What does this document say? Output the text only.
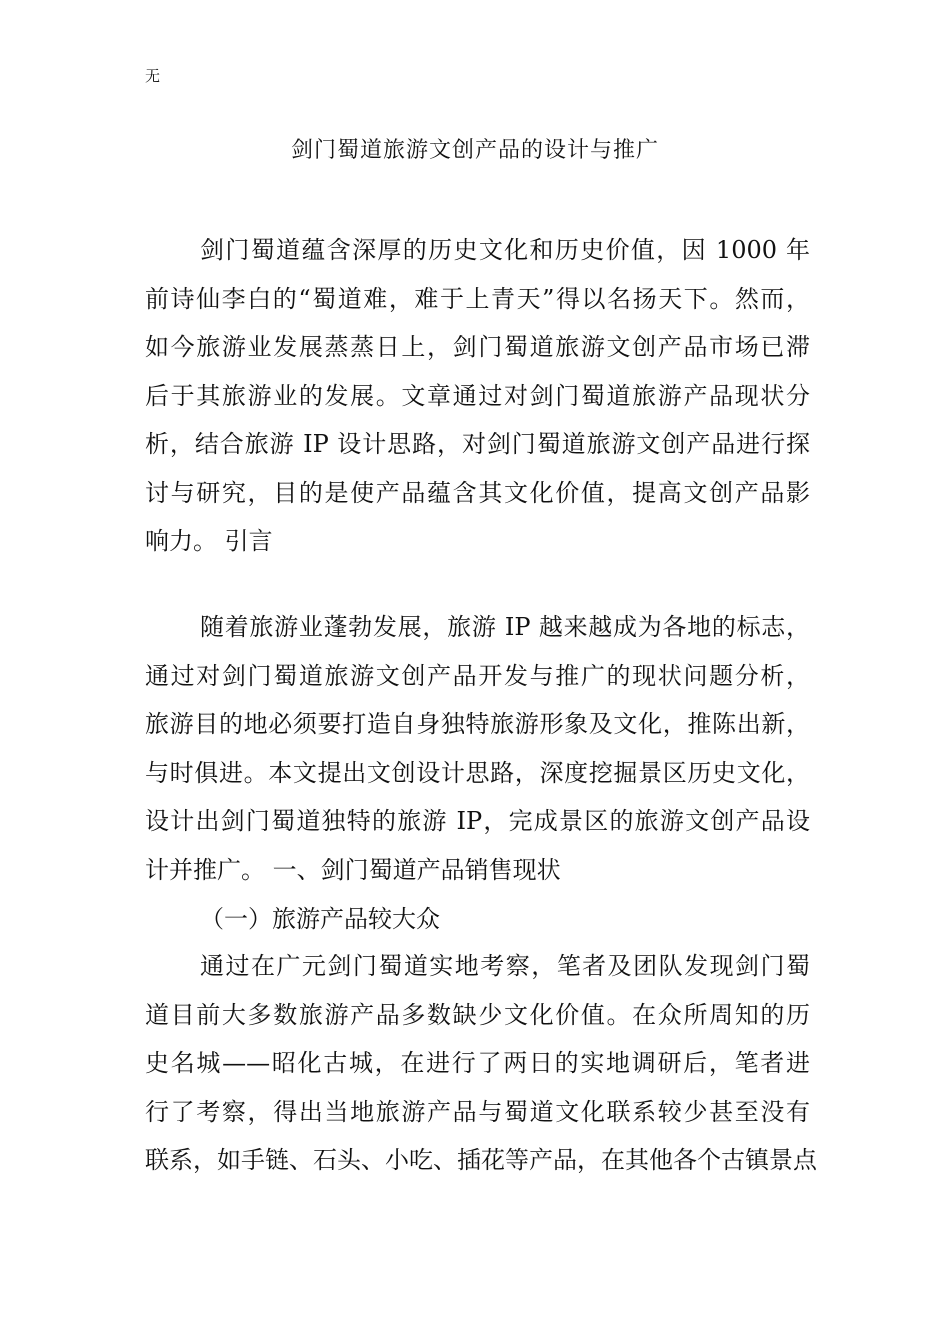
无
剑门蜀道旅游文创产品的设计与推广
剑门蜀道蕴含深厚的历史文化和历史价值，因 1000 年
前诗仙李白的“蜀道难，难于上青天”得以名扬天下。然而，
如今旅游业发展蒸蒸日上，剑门蜀道旅游文创产品市场已滞
后于其旅游业的发展。文章通过对剑门蜀道旅游产品现状分
析，结合旅游 IP 设计思路，对剑门蜀道旅游文创产品进行探
讨与研究，目的是使产品蕴含其文化价值，提高文创产品影
响力。 引言
随着旅游业蓬勃发展，旅游 IP 越来越成为各地的标志，
通过对剑门蜀道旅游文创产品开发与推广的现状问题分析，
旅游目的地必须要打造自身独特旅游形象及文化，推陈出新，
与时俱进。本文提出文创设计思路，深度挖掘景区历史文化，
设计出剑门蜀道独特的旅游 IP，完成景区的旅游文创产品设
计并推广。 一、剑门蜀道产品销售现状
（一）旅游产品较大众
通过在广元剑门蜀道实地考察，笔者及团队发现剑门蜀
道目前大多数旅游产品多数缺少文化价值。在众所周知的历
史名城——昭化古城，在进行了两日的实地调研后，笔者进
行了考察，得出当地旅游产品与蜀道文化联系较少甚至没有
联系，如手链、石头、小吃、插花等产品，在其他各个古镇景点
